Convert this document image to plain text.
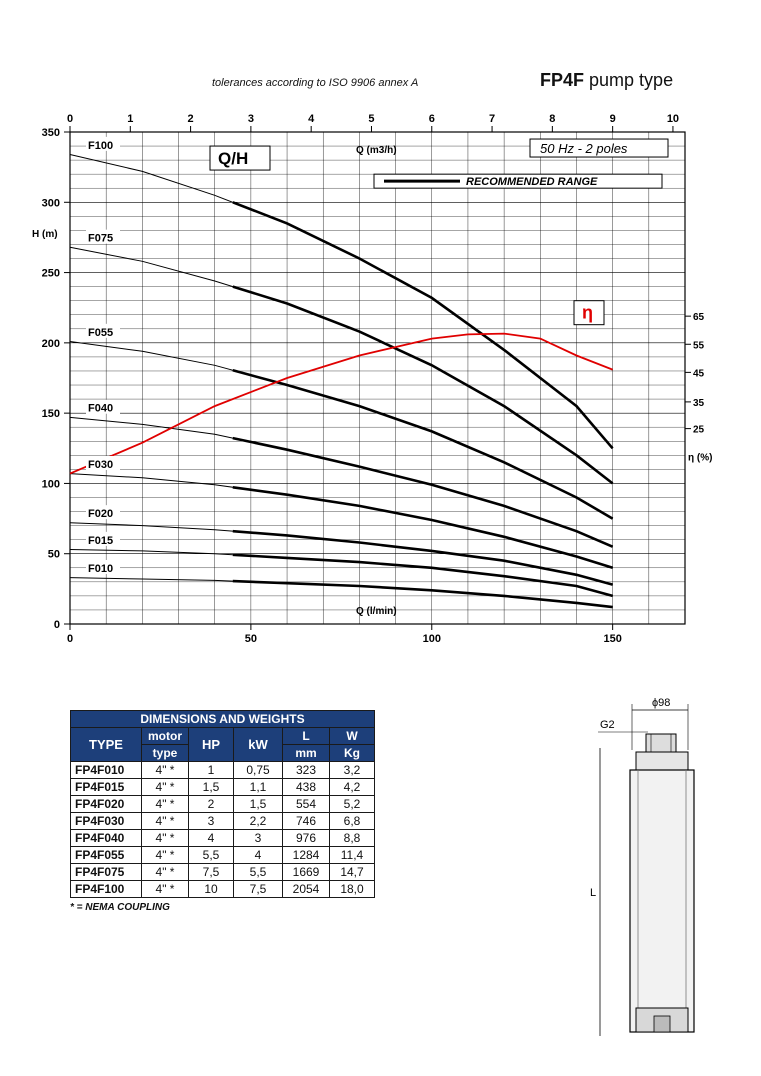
tolerances according to ISO 9906 annex A	FP4F pump type
0
50
100
150
200
250
300
350
0	1	2	3	4	5	6	7	8	9	10
0	50	100	150
25
35
45
55
65
H (m)
η (%)
Q (m3/h)
Q (l/min)
Q/H
50 Hz - 2 poles
RECOMMENDED RANGE
η
F100
F075
F055
F040
F030
F020
F015
F010
DIMENSIONS AND WEIGHTS					
TYPE	motor	HP	kW	L	W
	type			mm	Kg
FP4F010	4" *	1	0,75	323	3,2
FP4F015	4" *	1,5	1,1	438	4,2
FP4F020	4" *	2	1,5	554	5,2
FP4F030	4" *	3	2,2	746	6,8
FP4F040	4" *	4	3	976	8,8
FP4F055	4" *	5,5	4	1284	11,4
FP4F075	4" *	7,5	5,5	1669	14,7
FP4F100	4" *	10	7,5	2054	18,0
* = NEMA COUPLING
ϕ98
G2
L
